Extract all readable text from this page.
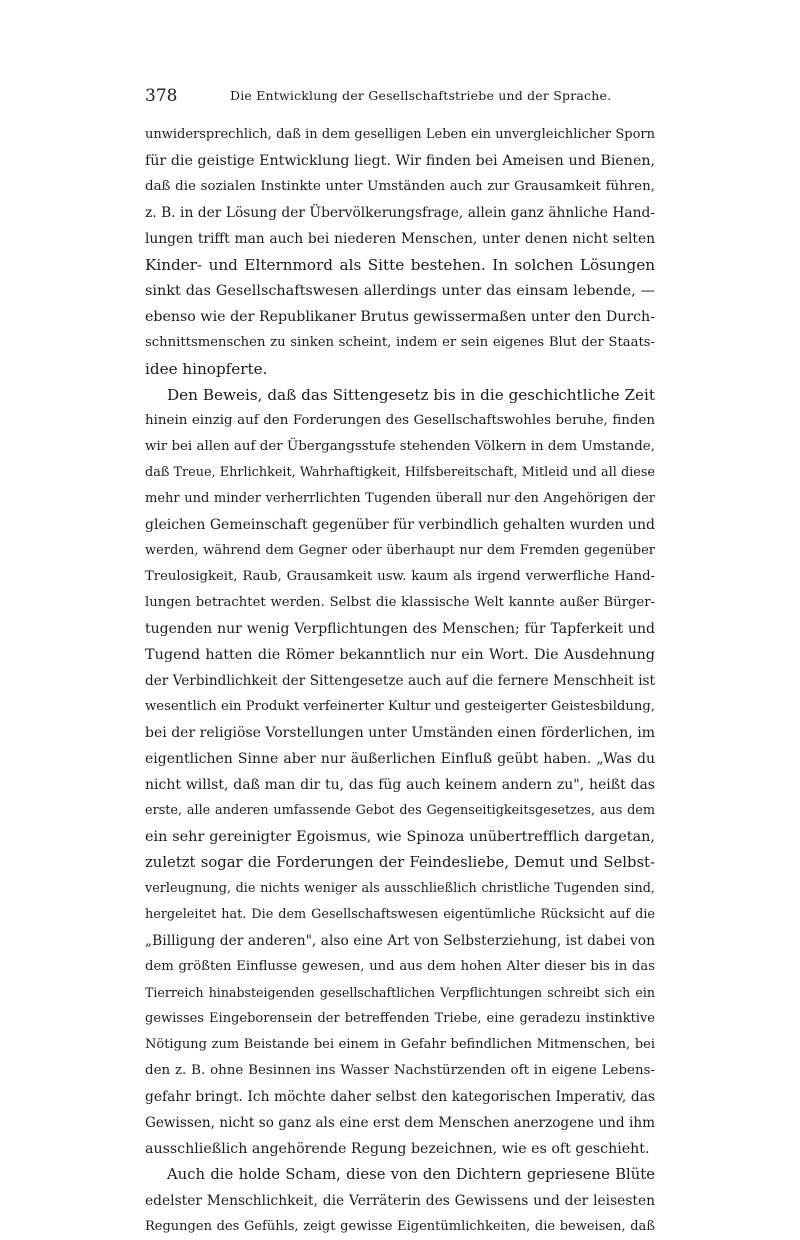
378	Die Entwicklung der Gesellschaftstriebe und der Sprache.
unwidersprechlich, daß in dem geselligen Leben ein unvergleichlicher Sporn
für die geistige Entwicklung liegt. Wir finden bei Ameisen und Bienen,
daß die sozialen Instinkte unter Umständen auch zur Grausamkeit führen,
z. B. in der Lösung der Übervölkerungsfrage, allein ganz ähnliche Hand-
lungen trifft man auch bei niederen Menschen, unter denen nicht selten
Kinder- und Elternmord als Sitte bestehen. In solchen Lösungen
sinkt das Gesellschaftswesen allerdings unter das einsam lebende, —
ebenso wie der Republikaner Brutus gewissermaßen unter den Durch-
schnittsmenschen zu sinken scheint, indem er sein eigenes Blut der Staats-
idee hinopferte.
Den Beweis, daß das Sittengesetz bis in die geschichtliche Zeit
hinein einzig auf den Forderungen des Gesellschaftswohles beruhe, finden
wir bei allen auf der Übergangsstufe stehenden Völkern in dem Umstande,
daß Treue, Ehrlichkeit, Wahrhaftigkeit, Hilfsbereitschaft, Mitleid und all diese
mehr und minder verherrlichten Tugenden überall nur den Angehörigen der
gleichen Gemeinschaft gegenüber für verbindlich gehalten wurden und
werden, während dem Gegner oder überhaupt nur dem Fremden gegenüber
Treulosigkeit, Raub, Grausamkeit usw. kaum als irgend verwerfliche Hand-
lungen betrachtet werden. Selbst die klassische Welt kannte außer Bürger-
tugenden nur wenig Verpflichtungen des Menschen; für Tapferkeit und
Tugend hatten die Römer bekanntlich nur ein Wort. Die Ausdehnung
der Verbindlichkeit der Sittengesetze auch auf die fernere Menschheit ist
wesentlich ein Produkt verfeinerter Kultur und gesteigerter Geistesbildung,
bei der religiöse Vorstellungen unter Umständen einen förderlichen, im
eigentlichen Sinne aber nur äußerlichen Einfluß geübt haben. „Was du
nicht willst, daß man dir tu, das füg auch keinem andern zu", heißt das
erste, alle anderen umfassende Gebot des Gegenseitigkeitsgesetzes, aus dem
ein sehr gereinigter Egoismus, wie Spinoza unübertrefflich dargetan,
zuletzt sogar die Forderungen der Feindesliebe, Demut und Selbst-
verleugnung, die nichts weniger als ausschließlich christliche Tugenden sind,
hergeleitet hat. Die dem Gesellschaftswesen eigentümliche Rücksicht auf die
„Billigung der anderen", also eine Art von Selbsterziehung, ist dabei von
dem größten Einflusse gewesen, und aus dem hohen Alter dieser bis in das
Tierreich hinabsteigenden gesellschaftlichen Verpflichtungen schreibt sich ein
gewisses Eingeborensein der betreffenden Triebe, eine geradezu instinktive
Nötigung zum Beistande bei einem in Gefahr befindlichen Mitmenschen, bei
den z. B. ohne Besinnen ins Wasser Nachstürzenden oft in eigene Lebens-
gefahr bringt. Ich möchte daher selbst den kategorischen Imperativ, das
Gewissen, nicht so ganz als eine erst dem Menschen anerzogene und ihm
ausschließlich angehörende Regung bezeichnen, wie es oft geschieht.
Auch die holde Scham, diese von den Dichtern gepriesene Blüte
edelster Menschlichkeit, die Verräterin des Gewissens und der leisesten
Regungen des Gefühls, zeigt gewisse Eigentümlichkeiten, die beweisen, daß
